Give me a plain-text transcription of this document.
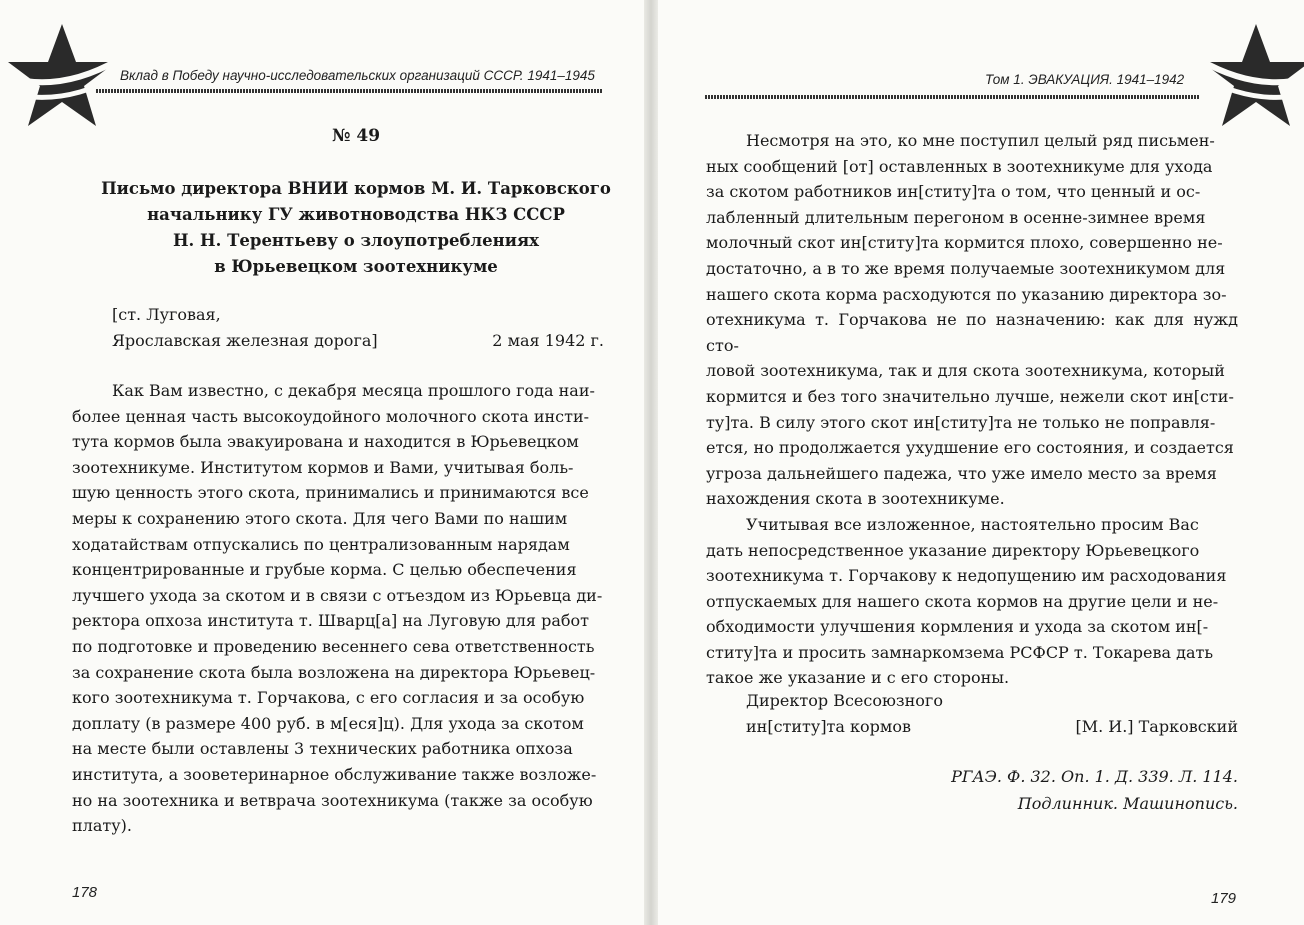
Вклад в Победу научно-исследовательских организаций СССР. 1941–1945	Том 1. ЭВАКУАЦИЯ. 1941–1942
№ 49
Письмо директора ВНИИ кормов М. И. Тарковского
начальнику ГУ животноводства НКЗ СССР
Н. Н. Терентьеву о злоупотреблениях
в Юрьевецком зоотехникуме
[ст. Луговая,
Ярославская железная дорога]	2 мая 1942 г.
Как Вам известно, с декабря месяца прошлого года наи-
более ценная часть высокоудойного молочного скота инсти-
тута кормов была эвакуирована и находится в Юрьевецком
зоотехникуме. Институтом кормов и Вами, учитывая боль-
шую ценность этого скота, принимались и принимаются все
меры к сохранению этого скота. Для чего Вами по нашим
ходатайствам отпускались по централизованным нарядам
концентрированные и грубые корма. С целью обеспечения
лучшего ухода за скотом и в связи с отъездом из Юрьевца ди-
ректора опхоза института т. Шварц[а] на Луговую для работ
по подготовке и проведению весеннего сева ответственность
за сохранение скота была возложена на директора Юрьевец-
кого зоотехникума т. Горчакова, с его согласия и за особую
доплату (в размере 400 руб. в м[еся]ц). Для ухода за скотом
на месте были оставлены 3 технических работника опхоза
института, а зооветеринарное обслуживание также возложе-
но на зоотехника и ветврача зоотехникума (также за особую
плату).
Несмотря на это, ко мне поступил целый ряд письмен-
ных сообщений [от] оставленных в зоотехникуме для ухода
за скотом работников ин[ститу]та о том, что ценный и ос-
лабленный длительным перегоном в осенне-зимнее время
молочный скот ин[ститу]та кормится плохо, совершенно не-
достаточно, а в то же время получаемые зоотехникумом для
нашего скота корма расходуются по указанию директора зо-
отехникума т. Горчакова не по назначению: как для нужд сто-
ловой зоотехникума, так и для скота зоотехникума, который
кормится и без того значительно лучше, нежели скот ин[сти-
ту]та. В силу этого скот ин[ститу]та не только не поправля-
ется, но продолжается ухудшение его состояния, и создается
угроза дальнейшего падежа, что уже имело место за время
нахождения скота в зоотехникуме.
Учитывая все изложенное, настоятельно просим Вас
дать непосредственное указание директору Юрьевецкого
зоотехникума т. Горчакову к недопущению им расходования
отпускаемых для нашего скота кормов на другие цели и не-
обходимости улучшения кормления и ухода за скотом ин[-
ститу]та и просить замнаркомзема РСФСР т. Токарева дать
такое же указание и с его стороны.
Директор Всесоюзного
ин[ститу]та кормов	[М. И.] Тарковский
РГАЭ. Ф. 32. Оп. 1. Д. 339. Л. 114.
Подлинник. Машинопись.
178	179
